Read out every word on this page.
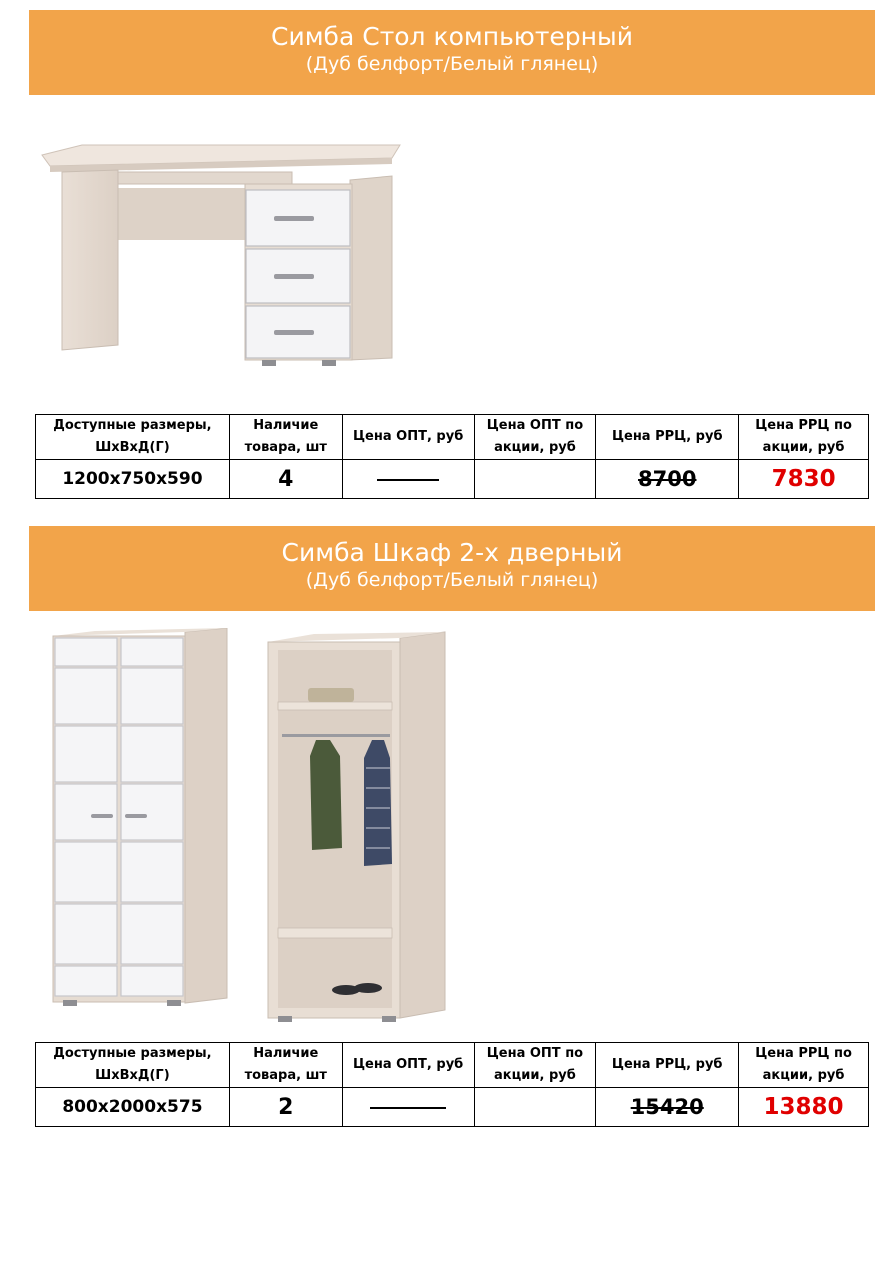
Симба Стол компьютерный
(Дуб белфорт/Белый глянец)
Доступные размеры, ШхВхД(Г)	Наличие товара, шт	Цена ОПТ, руб	Цена ОПТ по акции, руб	Цена РРЦ, руб	Цена РРЦ по акции, руб
1200х750х590	4			8700	7830
Симба Шкаф 2-х дверный
(Дуб белфорт/Белый глянец)
Доступные размеры, ШхВхД(Г)	Наличие товара, шт	Цена ОПТ, руб	Цена ОПТ по акции, руб	Цена РРЦ, руб	Цена РРЦ по акции, руб
800х2000х575	2			15420	13880
